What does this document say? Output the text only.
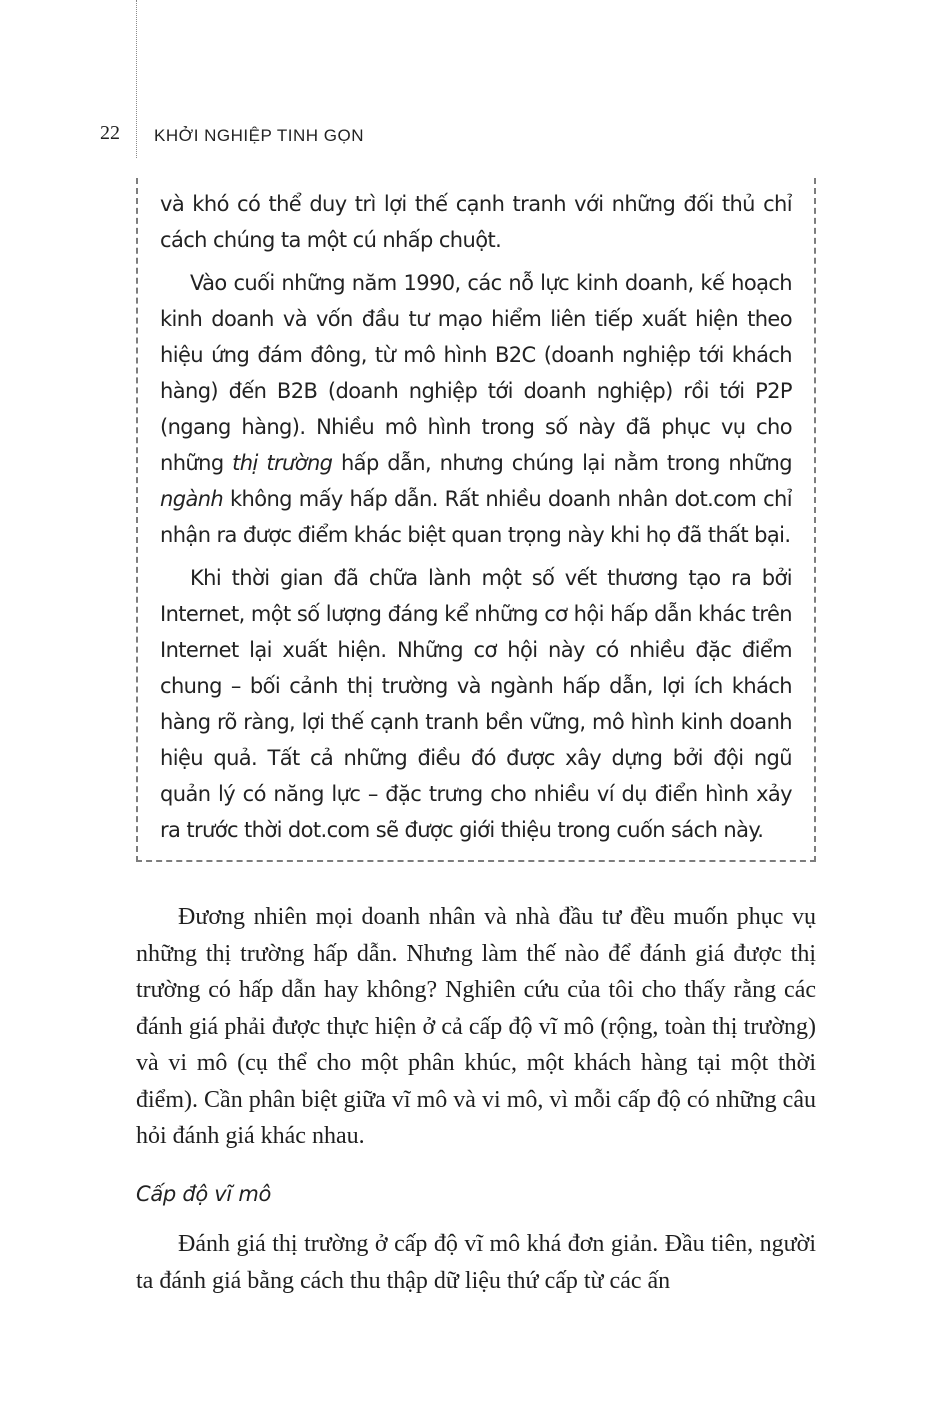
22 KHỞI NGHIỆP TINH GỌN

và khó có thể duy trì lợi thế cạnh tranh với những đối thủ chỉ cách chúng ta một cú nhấp chuột.

Vào cuối những năm 1990, các nỗ lực kinh doanh, kế hoạch kinh doanh và vốn đầu tư mạo hiểm liên tiếp xuất hiện theo hiệu ứng đám đông, từ mô hình B2C (doanh nghiệp tới khách hàng) đến B2B (doanh nghiệp tới doanh nghiệp) rồi tới P2P (ngang hàng). Nhiều mô hình trong số này đã phục vụ cho những thị trường hấp dẫn, nhưng chúng lại nằm trong những ngành không mấy hấp dẫn. Rất nhiều doanh nhân dot.com chỉ nhận ra được điểm khác biệt quan trọng này khi họ đã thất bại.

Khi thời gian đã chữa lành một số vết thương tạo ra bởi Internet, một số lượng đáng kể những cơ hội hấp dẫn khác trên Internet lại xuất hiện. Những cơ hội này có nhiều đặc điểm chung – bối cảnh thị trường và ngành hấp dẫn, lợi ích khách hàng rõ ràng, lợi thế cạnh tranh bền vững, mô hình kinh doanh hiệu quả. Tất cả những điều đó được xây dựng bởi đội ngũ quản lý có năng lực – đặc trưng cho nhiều ví dụ điển hình xảy ra trước thời dot.com sẽ được giới thiệu trong cuốn sách này.

Đương nhiên mọi doanh nhân và nhà đầu tư đều muốn phục vụ những thị trường hấp dẫn. Nhưng làm thế nào để đánh giá được thị trường có hấp dẫn hay không? Nghiên cứu của tôi cho thấy rằng các đánh giá phải được thực hiện ở cả cấp độ vĩ mô (rộng, toàn thị trường) và vi mô (cụ thể cho một phân khúc, một khách hàng tại một thời điểm). Cần phân biệt giữa vĩ mô và vi mô, vì mỗi cấp độ có những câu hỏi đánh giá khác nhau.

Cấp độ vĩ mô

Đánh giá thị trường ở cấp độ vĩ mô khá đơn giản. Đầu tiên, người ta đánh giá bằng cách thu thập dữ liệu thứ cấp từ các ấn
